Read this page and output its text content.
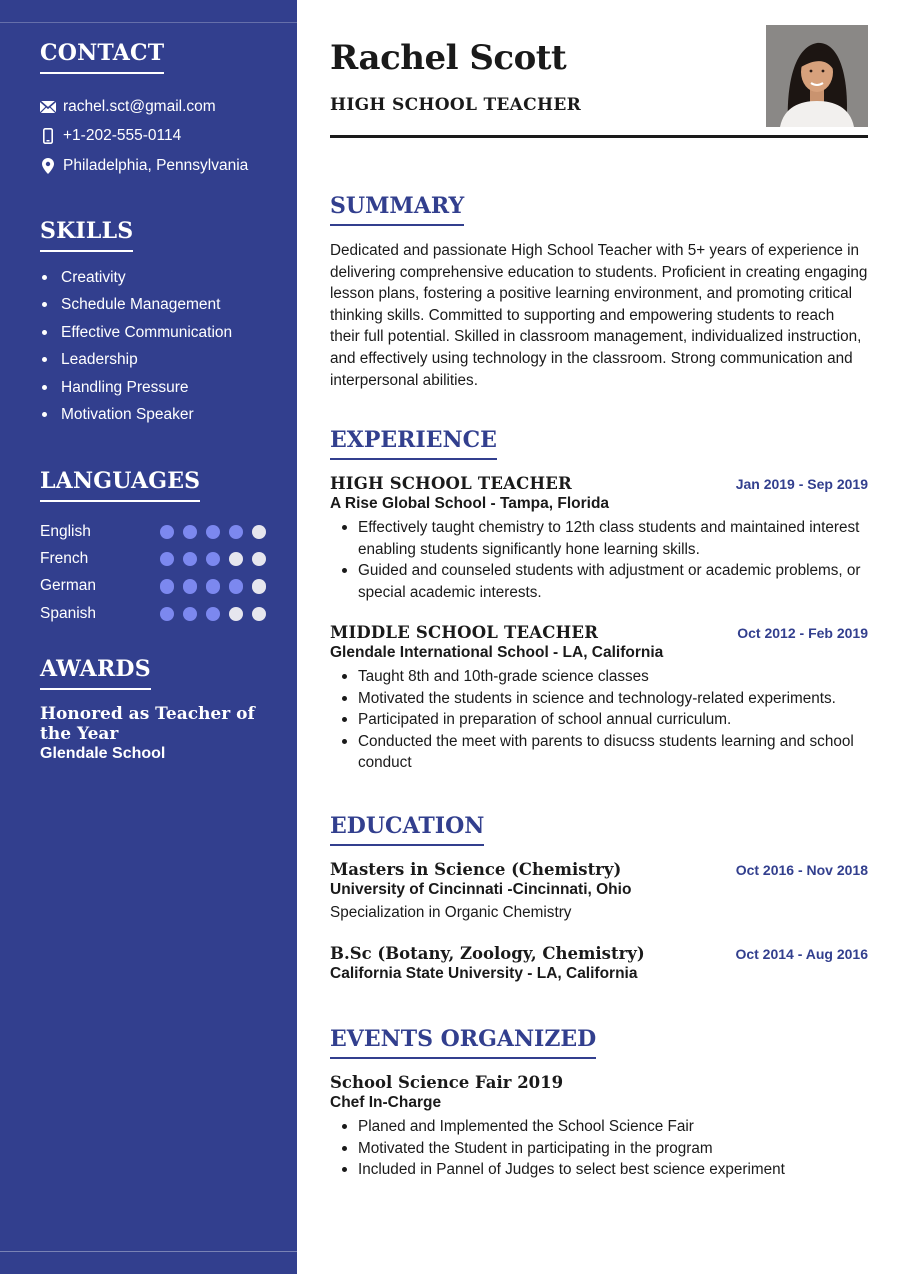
CONTACT
rachel.sct@gmail.com
+1-202-555-0114
Philadelphia, Pennsylvania
SKILLS
Creativity
Schedule Management
Effective Communication
Leadership
Handling Pressure
Motivation Speaker
LANGUAGES
English
French
German
Spanish
AWARDS
Honored as Teacher of the Year
Glendale School
Rachel Scott
HIGH SCHOOL TEACHER
SUMMARY

Dedicated and passionate High School Teacher with 5+ years of experience in delivering comprehensive education to students. Proficient in creating engaging lesson plans, fostering a positive learning environment, and promoting critical thinking skills. Committed to supporting and empowering students to reach their full potential. Skilled in classroom management, individualized instruction, and effectively using technology in the classroom. Strong communication and interpersonal abilities.

EXPERIENCE
HIGH SCHOOL TEACHER	Jan 2019 - Sep 2019
A Rise Global School - Tampa, Florida
Effectively taught chemistry to 12th class students and maintained interest enabling students significantly hone learning skills.
Guided and counseled students with adjustment or academic problems, or special academic interests.
MIDDLE SCHOOL TEACHER	Oct 2012 - Feb 2019
Glendale International School - LA, California
Taught 8th and 10th-grade science classes
Motivated the students in science and technology-related experiments.
Participated in preparation of school annual curriculum.
Conducted the meet with parents to disucss students learning and school conduct
EDUCATION
Masters in Science (Chemistry)	Oct 2016 - Nov 2018
University of Cincinnati -Cincinnati, Ohio
Specialization in Organic Chemistry
B.Sc (Botany, Zoology, Chemistry)	Oct 2014 - Aug 2016
California State University - LA, California
EVENTS ORGANIZED
School Science Fair 2019
Chef In-Charge
Planed and Implemented the School Science Fair
Motivated the Student in participating in the program
Included in Pannel of Judges to select best science experiment
